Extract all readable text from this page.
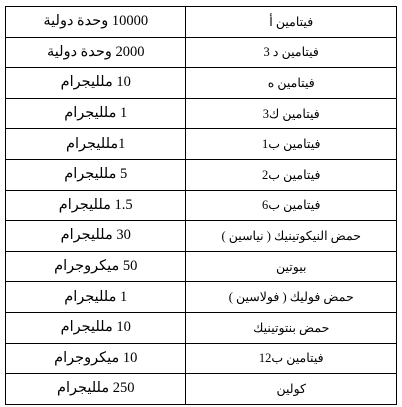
10000 وحدة دولية	فيتامين أ
2000 وحدة دولية	فيتامين د 3
10 ملليجرام	فيتامين ه
1 ملليجرام	فيتامين ك3
1ملليجرام	فيتامين ب1
5 ملليجرام	فيتامين ب2
1.5 ملليجرام	فيتامين ب6
30 ملليجرام	حمض النيكوتينيك ( نياسين )
50 ميكروجرام	بيوتين
1 ملليجرام	حمض فوليك ( فولاسين )
10 ملليجرام	حمض بنتوتينيك
10 ميكروجرام	فيتامين ب12
250 ملليجرام	كولين
